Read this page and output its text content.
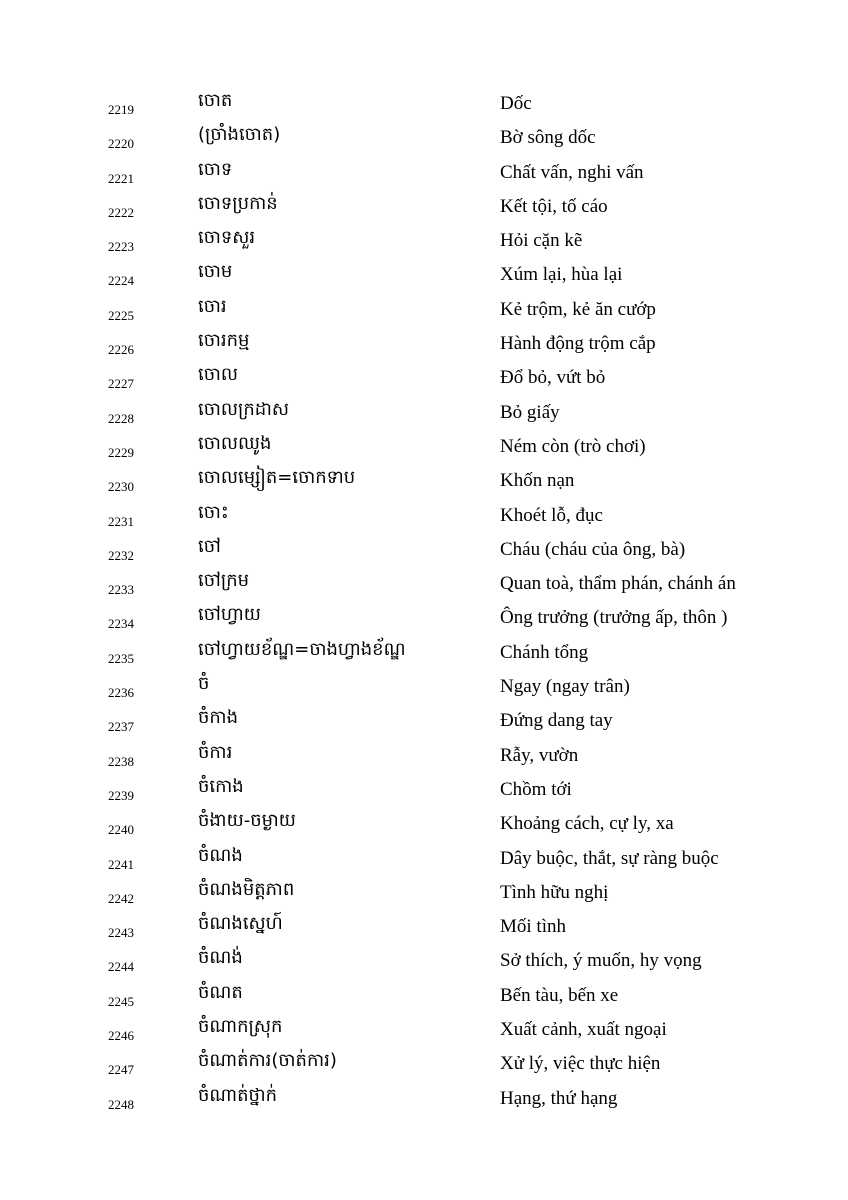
2219	ចោត	Dốc
2220	(ច្រាំងចោត)	Bờ sông dốc
2221	ចោទ	Chất vấn, nghi vấn
2222	ចោទប្រកាន់	Kết tội, tố cáo
2223	ចោទសួរ	Hỏi cặn kẽ
2224	ចោម	Xúm lại, hùa lại
2225	ចោរ	Kẻ trộm, kẻ ăn cướp
2226	ចោរកម្ម	Hành động trộm cắp
2227	ចោល	Đổ bỏ, vứt bỏ
2228	ចោលក្រដាស	Bỏ giấy
2229	ចោលឈូង	Ném còn (trò chơi)
2230	ចោលម្សៀត=ចោកទាប	Khốn nạn
2231	ចោះ	Khoét lỗ, đục
2232	ចៅ	Cháu (cháu của ông, bà)
2233	ចៅក្រម	Quan toà, thẩm phán, chánh án
2234	ចៅហ្វាយ	Ông trưởng (trưởng ấp, thôn )
2235	ចៅហ្វាយខ័ណ្ឌ=ចាងហ្វាងខ័ណ្ឌ	Chánh tổng
2236	ចំ	Ngay (ngay trân)
2237	ចំកាង	Đứng dang tay
2238	ចំការ	Rẫy, vườn
2239	ចំកោង	Chồm tới
2240	ចំងាយ-ចម្ងាយ	Khoảng cách, cự ly, xa
2241	ចំណង	Dây buộc, thắt, sự ràng buộc
2242	ចំណងមិត្តភាព	Tình hữu nghị
2243	ចំណងស្នេហ៍	Mối tình
2244	ចំណង់	Sở thích, ý muốn, hy vọng
2245	ចំណត	Bến tàu, bến xe
2246	ចំណាកស្រុក	Xuất cảnh, xuất ngoại
2247	ចំណាត់ការ(ចាត់ការ)	Xử lý, việc thực hiện
2248	ចំណាត់ថ្នាក់	Hạng, thứ hạng
